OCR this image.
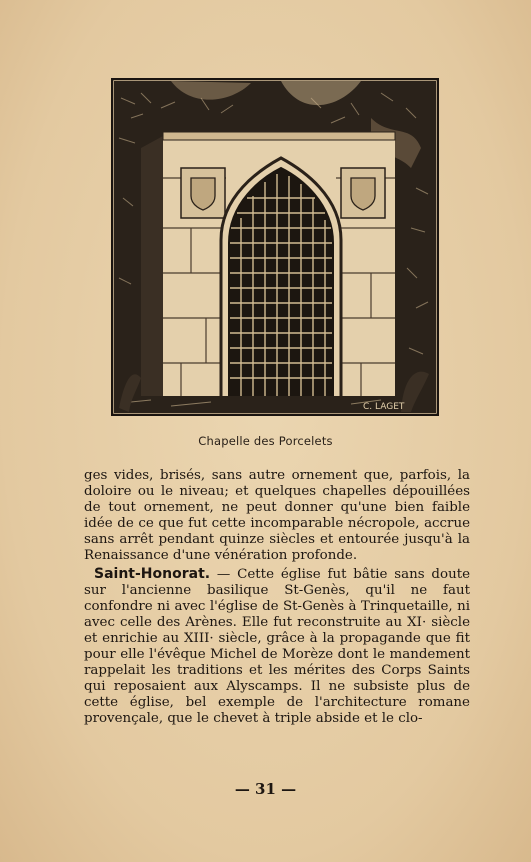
C. LAGET
Chapelle des Porcelets

ges vides, brisés, sans autre ornement que, parfois, la doloire ou le niveau; et quelques chapelles dépouillées de tout ornement, ne peut donner qu'une bien faible idée de ce que fut cette incomparable nécropole, accrue sans arrêt pendant quinze siècles et entourée jusqu'à la Renaissance d'une vénération profonde.

Saint-Honorat. — Cette église fut bâtie sans doute sur l'ancienne basilique St-Genès, qu'il ne faut confondre ni avec l'église de St-Genès à Trinquetaille, ni avec celle des Arènes. Elle fut reconstruite au XI· siècle et enrichie au XIII· siècle, grâce à la propagande que fit pour elle l'évêque Michel de Morèze dont le mandement rappelait les traditions et les mérites des Corps Saints qui reposaient aux Alyscamps. Il ne subsiste plus de cette église, bel exemple de l'architecture romane provençale, que le chevet à triple abside et le clo-

— 31 —
